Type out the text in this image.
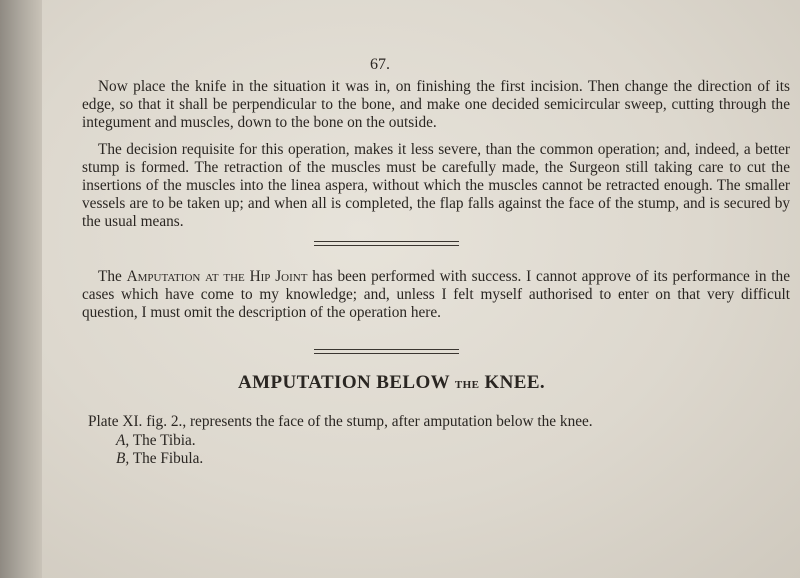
67.
Now place the knife in the situation it was in, on finishing the first incision. Then change the direction of its edge, so that it shall be perpendicular to the bone, and make one decided semicircular sweep, cutting through the integument and muscles, down to the bone on the outside.
The decision requisite for this operation, makes it less severe, than the common operation; and, indeed, a better stump is formed. The retraction of the muscles must be carefully made, the Surgeon still taking care to cut the insertions of the muscles into the linea aspera, without which the muscles cannot be retracted enough. The smaller vessels are to be taken up; and when all is completed, the flap falls against the face of the stump, and is secured by the usual means.
The Amputation at the Hip Joint has been performed with success. I cannot approve of its performance in the cases which have come to my knowledge; and, unless I felt myself authorised to enter on that very difficult question, I must omit the description of the operation here.
AMPUTATION BELOW the KNEE.
Plate XI. fig. 2., represents the face of the stump, after amputation below the knee.
A, The Tibia.
B, The Fibula.
